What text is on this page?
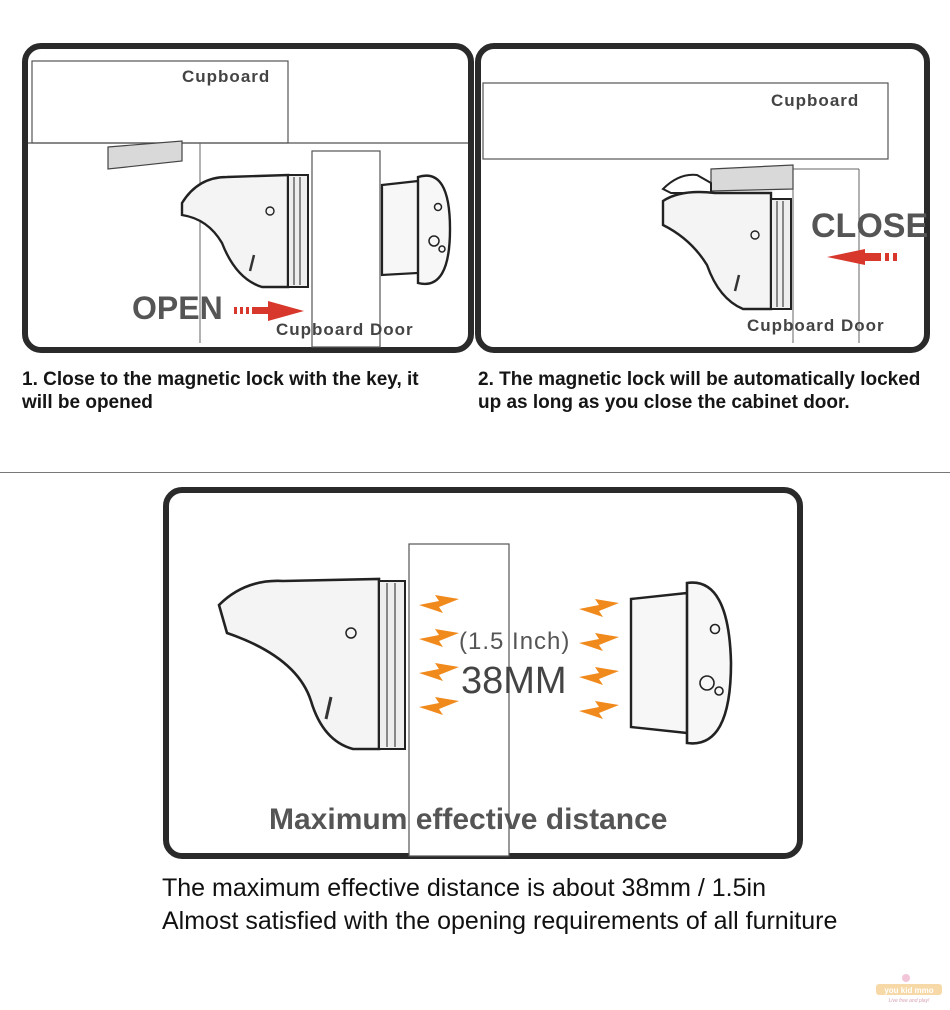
OPEN
Cupboard
Cupboard Door
CLOSE
Cupboard
Cupboard Door
1. Close to the magnetic lock with the key, it will be opened
2. The magnetic lock will be automatically locked up as long as you close the cabinet door.
(1.5 Inch)
38MM
Maximum effective distance
The maximum effective distance is about 38mm / 1.5in
Almost satisfied with the opening requirements of all furniture
you kid mmo
Live free and play!
